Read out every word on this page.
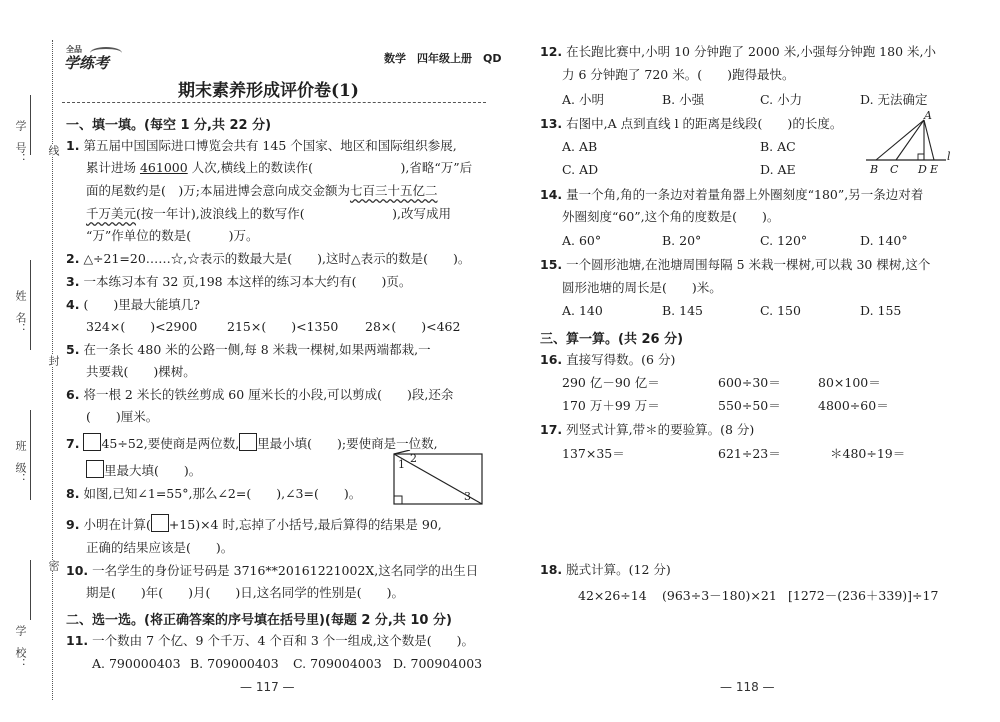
学　号：
姓　名：
班　级：
学　校：
线
封
密
全品
学练考	数学　四年级上册　QD
期末素养形成评价卷(1)
一、填一填。(每空 1 分,共 22 分)
1. 第五届中国国际进口博览会共有 145 个国家、地区和国际组织参展,
累计进场 461000 人次,横线上的数读作(　　　　　　　),省略“万”后
面的尾数约是(　)万;本届进博会意向成交金额为七百三十五亿二
千万美元(按一年计),波浪线上的数写作(　　　　　　　),改写成用
“万”作单位的数是(　　　)万。
2. △÷21=20……☆,☆表示的数最大是(　　),这时△表示的数是(　　)。
3. 一本练习本有 32 页,198 本这样的练习本大约有(　　)页。
4. (　　)里最大能填几?
324×(　　)<2900 215×(　　)<1350 28×(　　)<462
5. 在一条长 480 米的公路一侧,每 8 米栽一棵树,如果两端都栽,一
共要栽(　　)棵树。
6. 将一根 2 米长的铁丝剪成 60 厘米长的小段,可以剪成(　　)段,还余
(　　)厘米。
7. 45÷52,要使商是两位数, 里最小填(　　);要使商是一位数,
里最大填(　　)。	1 2
3
8. 如图,已知∠1=55°,那么∠2=(　　),∠3=(　　)。
9. 小明在计算( +15)×4 时,忘掉了小括号,最后算得的结果是 90,
正确的结果应该是(　　)。
10. 一名学生的身份证号码是 3716**20161221002X,这名同学的出生日
期是(　　)年(　　)月(　　)日,这名同学的性别是(　　)。
二、选一选。(将正确答案的序号填在括号里)(每题 2 分,共 10 分)
11. 一个数由 7 个亿、9 个千万、4 个百和 3 个一组成,这个数是(　　)。
A. 790000403 B. 709000403 C. 709004003 D. 700904003
— 117 —
12. 在长跑比赛中,小明 10 分钟跑了 2000 米,小强每分钟跑 180 米,小
力 6 分钟跑了 720 米。(　　)跑得最快。
A. 小明	B. 小强	C. 小力	D. 无法确定
13. 右图中,A 点到直线 l 的距离是线段(　　)的长度。
A. AB	B. AC
C. AD	D. AE
A
B C D E
l
14. 量一个角,角的一条边对着量角器上外圈刻度“180”,另一条边对着
外圈刻度“60”,这个角的度数是(　　)。
A. 60°	B. 20°	C. 120°	D. 140°
15. 一个圆形池塘,在池塘周围每隔 5 米栽一棵树,可以栽 30 棵树,这个
圆形池塘的周长是(　　)米。
A. 140	B. 145	C. 150	D. 155
三、算一算。(共 26 分)
16. 直接写得数。(6 分)
290 亿－90 亿＝	600÷30＝	80×100＝
170 万＋99 万＝	550÷50＝	4800÷60＝
17. 列竖式计算,带＊的要验算。(8 分)
137×35＝	621÷23＝	＊480÷19＝
18. 脱式计算。(12 分)
42×26÷14 (963÷3－180)×21 [1272－(236＋339)]÷17
— 118 —
